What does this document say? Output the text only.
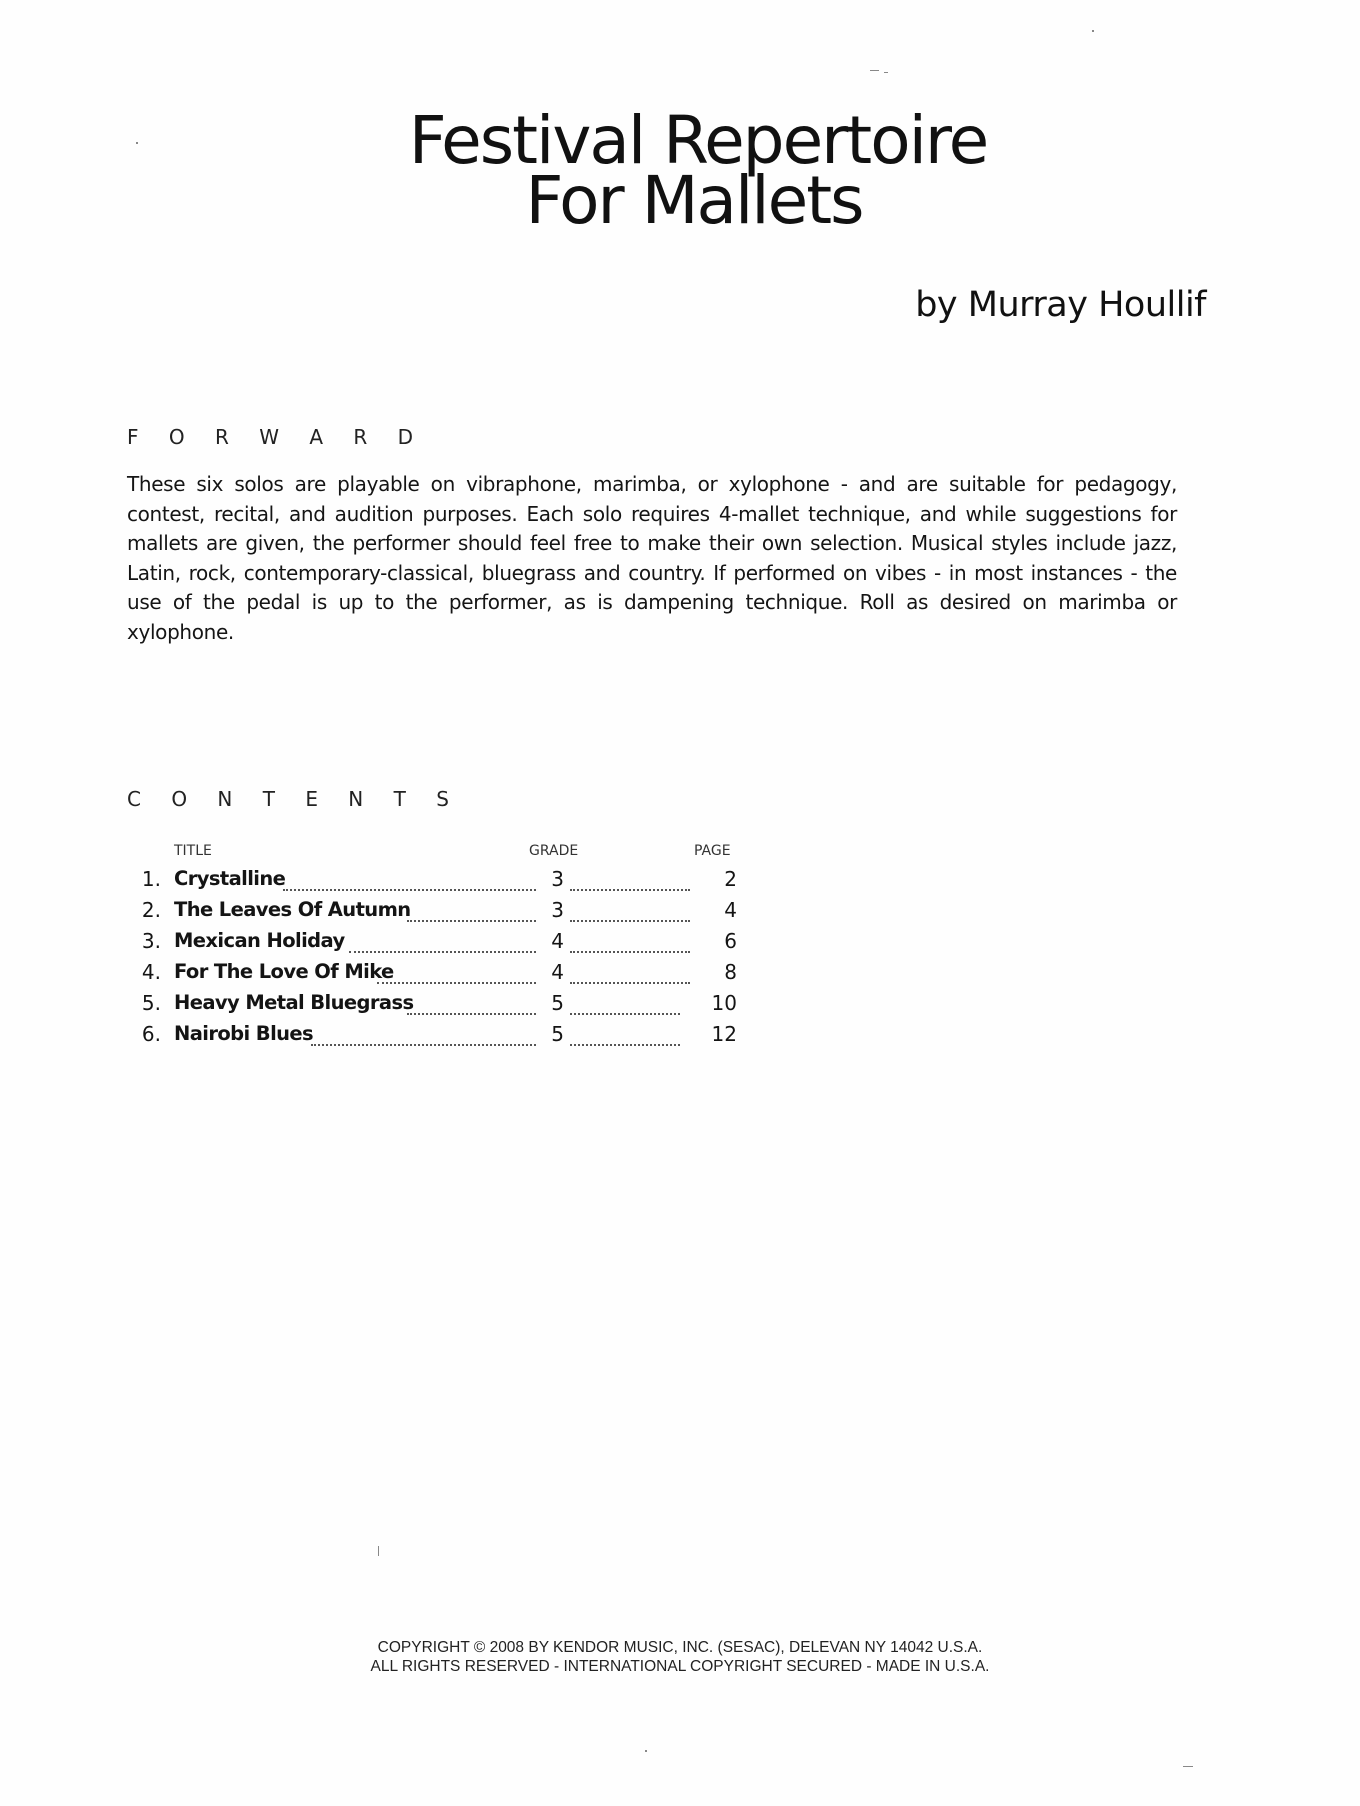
Festival Repertoire
For Mallets
by Murray Houllif
F O R W A R D
These six solos are playable on vibraphone, marimba, or xylophone - and are suitable for pedagogy, contest, recital, and audition purposes. Each solo requires 4-mallet technique, and while suggestions for mallets are given, the performer should feel free to make their own selection. Musical styles include jazz, Latin, rock, contemporary-classical, bluegrass and country. If performed on vibes - in most instances - the use of the pedal is up to the performer, as is dampening technique. Roll as desired on marimba or xylophone.
C O N T E N T S
TITLE	GRADE	PAGE
1. Crystalline	3	2
2. The Leaves Of Autumn	3	4
3. Mexican Holiday	4	6
4. For The Love Of Mike	4	8
5. Heavy Metal Bluegrass	5	10
6. Nairobi Blues	5	12
COPYRIGHT © 2008 BY KENDOR MUSIC, INC. (SESAC), DELEVAN NY 14042 U.S.A.
ALL RIGHTS RESERVED - INTERNATIONAL COPYRIGHT SECURED - MADE IN U.S.A.
